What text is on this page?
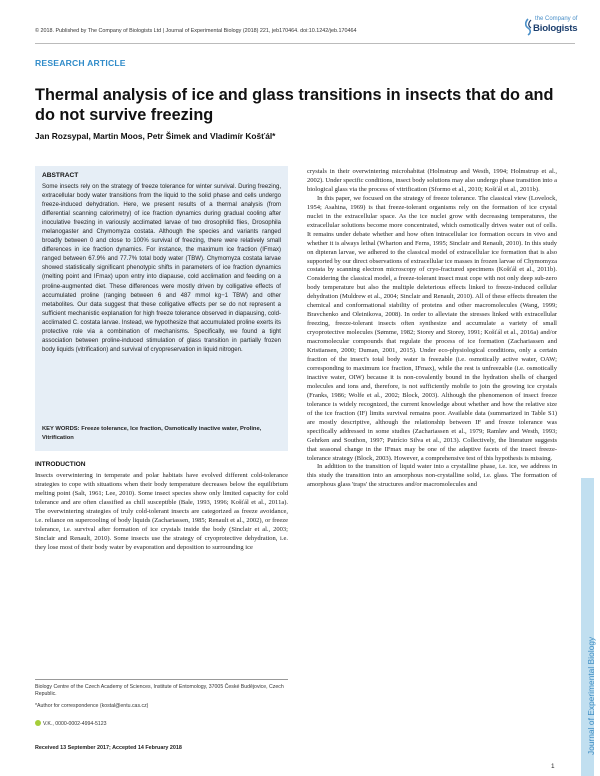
© 2018. Published by The Company of Biologists Ltd | Journal of Experimental Biology (2018) 221, jeb170464. doi:10.1242/jeb.170464
the Company of
Biologists
RESEARCH ARTICLE
Thermal analysis of ice and glass transitions in insects that do and do not survive freezing
Jan Rozsypal, Martin Moos, Petr Šimek and Vladimír Košťál*
ABSTRACT
Some insects rely on the strategy of freeze tolerance for winter survival. During freezing, extracellular body water transitions from the liquid to the solid phase and cells undergo freeze-induced dehydration. Here, we present results of a thermal analysis (from differential scanning calorimetry) of ice fraction dynamics during gradual cooling after inoculative freezing in variously acclimated larvae of two drosophilid flies, Drosophila melanogaster and Chymomyza costata. Although the species and variants ranged broadly between 0 and close to 100% survival of freezing, there were relatively small differences in ice fraction dynamics. For instance, the maximum ice fraction (IFmax) ranged between 67.9% and 77.7% total body water (TBW). Chymomyza costata larvae showed statistically significant phenotypic shifts in parameters of ice fraction dynamics (melting point and IFmax) upon entry into diapause, cold acclimation and feeding on a proline-augmented diet. These differences were mostly driven by colligative effects of accumulated proline (ranging between 6 and 487 mmol kg−1 TBW) and other metabolites. Our data suggest that these colligative effects per se do not represent a sufficient mechanistic explanation for high freeze tolerance observed in diapausing, cold-acclimated C. costata larvae. Instead, we hypothesize that accumulated proline exerts its protective role via a combination of mechanisms. Specifically, we found a tight association between proline-induced stimulation of glass transition in partially frozen body liquids (vitrification) and survival of cryopreservation in liquid nitrogen.
KEY WORDS: Freeze tolerance, Ice fraction, Osmotically inactive water, Proline, Vitrification
INTRODUCTION
Insects overwintering in temperate and polar habitats have evolved different cold-tolerance strategies to cope with situations when their body temperature decreases below the equilibrium melting point (Salt, 1961; Lee, 2010). Some insect species show only limited capacity for cold tolerance and are often classified as chill susceptible (Bale, 1993, 1996; Košťál et al., 2011a). The overwintering strategies of truly cold-tolerant insects are categorized as freeze avoidance, i.e. reliance on supercooling of body liquids (Zachariassen, 1985; Renault et al., 2002), or freeze tolerance, i.e. survival after formation of ice crystals inside the body (Sinclair et al., 2003; Sinclair and Renault, 2010). Some insects use the strategy of cryoprotective dehydration, i.e. they lose most of their body water by evaporation and deposition to surrounding ice
Biology Centre of the Czech Academy of Sciences, Institute of Entomology, 37005 České Budějovice, Czech Republic.
*Author for correspondence (kostal@entu.cas.cz)
V.K., 0000-0002-4994-5123
Received 13 September 2017; Accepted 14 February 2018

crystals in their overwintering microhabitat (Holmstrup and Westh, 1994; Holmstrup et al., 2002). Under specific conditions, insect body solutions may also undergo phase transition into a biological glass via the process of vitrification (Sformo et al., 2010; Košťál et al., 2011b).

In this paper, we focused on the strategy of freeze tolerance. The classical view (Lovelock, 1954; Asahina, 1969) is that freeze-tolerant organisms rely on the formation of ice crystal nuclei in the extracellular space. As the ice nuclei grow with decreasing temperatures, the extracellular solutions become more concentrated, which osmotically drives water out of cells. It remains under debate whether and how often intracellular ice formation occurs in vivo and whether it is always lethal (Wharton and Ferns, 1995; Sinclair and Renault, 2010). In this study on dipteran larvae, we adhered to the classical model of extracellular ice formation that is also supported by our direct observations of extracellular ice masses in frozen larvae of Chymomyza costata by scanning electron microscopy of cryo-fractured specimens (Košťál et al., 2011b). Considering the classical model, a freeze-tolerant insect must cope with not only deep sub-zero body temperature but also the multiple deleterious effects linked to freeze-induced cellular dehydration (Muldrew et al., 2004; Sinclair and Renault, 2010). All of these effects threaten the chemical and conformational stability of proteins and other macromolecules (Wang, 1999; Bravchenko and Oleinikova, 2008). In order to alleviate the stresses linked with extracellular freezing, freeze-tolerant insects often synthesize and accumulate a variety of small cryoprotective molecules (Sømme, 1982; Storey and Storey, 1991; Košťál et al., 2016a) and/or macromolecular compounds that regulate the process of ice formation (Zachariassen and Kristiansen, 2000; Duman, 2001, 2015). Under eco-physiological conditions, only a certain fraction of the insect's total body water is freezable (i.e. osmotically active water, OAW; corresponding to maximum ice fraction, IFmax), while the rest is unfreezable (i.e. osmotically inactive water, OIW) because it is non-covalently bound in the hydration shells of charged molecules and ions and, therefore, is not sufficiently mobile to join the growing ice crystals (Franks, 1986; Wolfe et al., 2002; Block, 2003). Although the phenomenon of insect freeze tolerance is widely recognized, the current knowledge about whether and how the relative size of the ice fraction (IF) limits survival remains poor. Available data (summarized in Table S1) are mostly descriptive, although the relationship between IF and freeze tolerance was specifically addressed in some studies (Zachariassen et al., 1979; Ramløv and Westh, 1993; Gehrken and Southon, 1997; Patrício Silva et al., 2013). Collectively, the literature suggests that seasonal change in the IFmax may be one of the adaptive facets of the insect freeze-tolerance strategy (Block, 2003). However, a comprehensive test of this hypothesis is missing.

In addition to the transition of liquid water into a crystalline phase, i.e. ice, we address in this study the transition into an amorphous non-crystalline solid, i.e. glass. The formation of amorphous glass 'traps' the structures and/or macromolecules and

Journal of Experimental Biology
1
